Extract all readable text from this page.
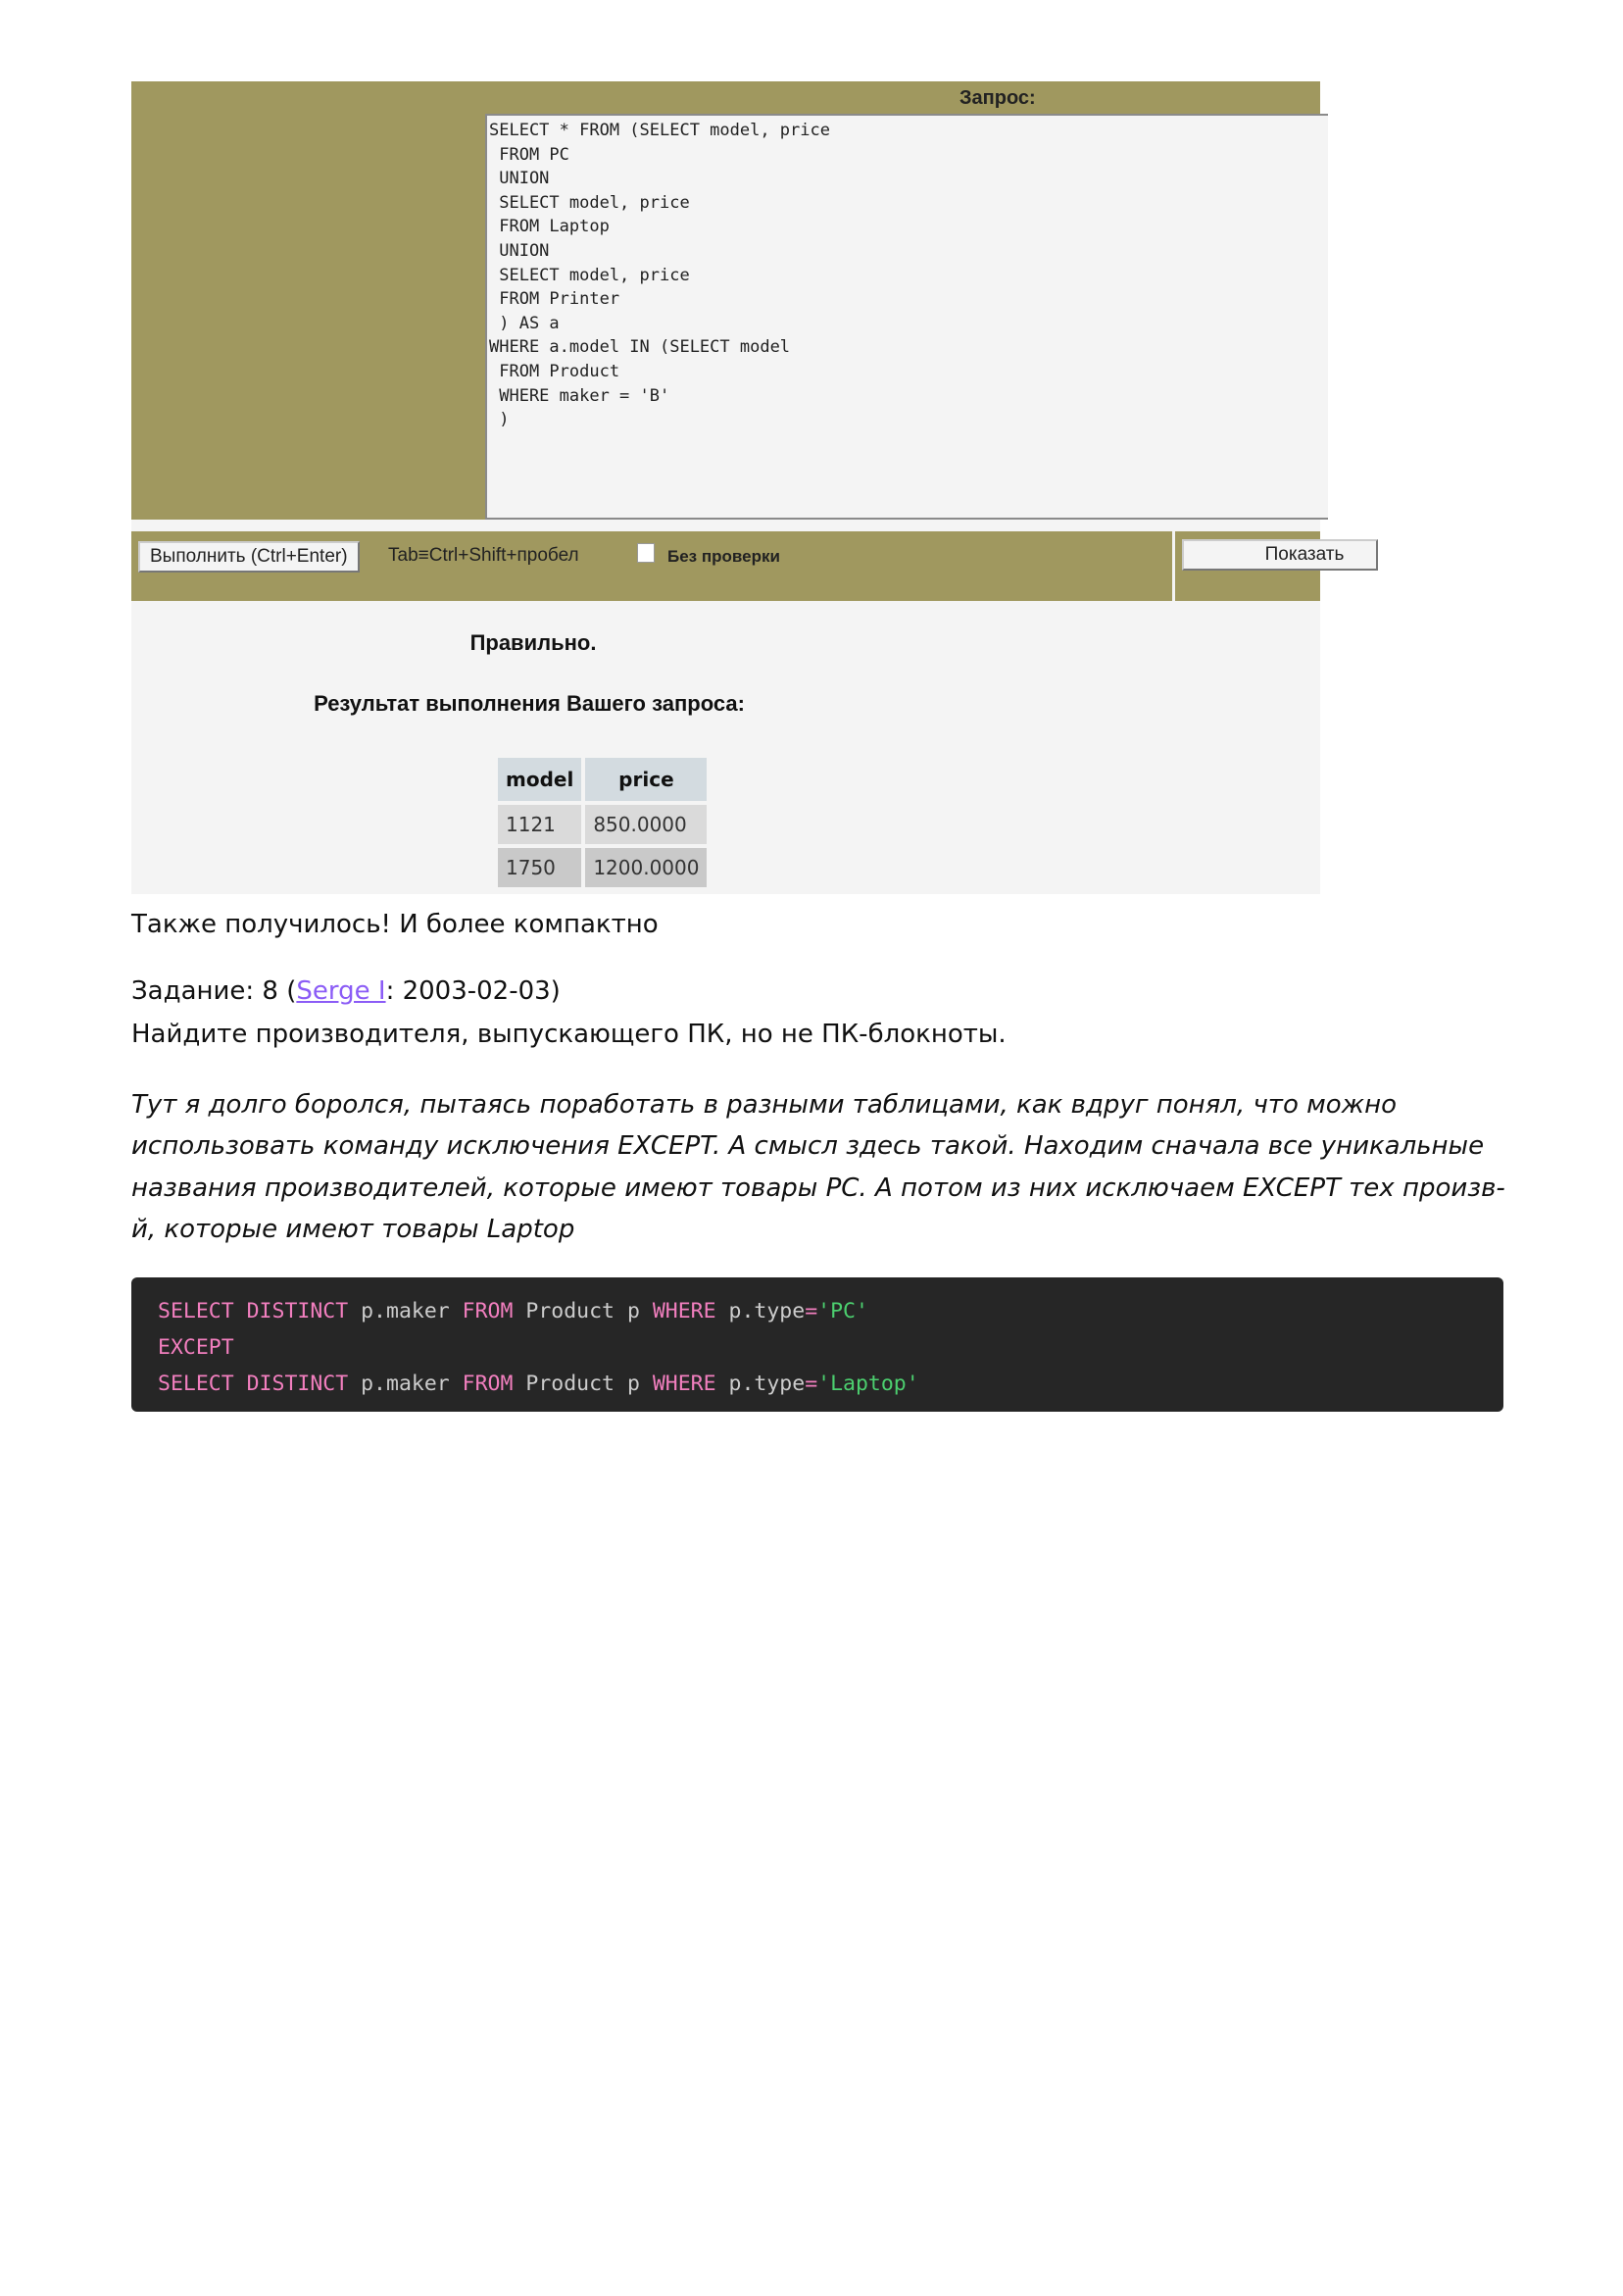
Запрос:
SELECT * FROM (SELECT model, price
FROM PC
UNION
SELECT model, price
FROM Laptop
UNION
SELECT model, price
FROM Printer
) AS a
WHERE a.model IN (SELECT model
FROM Product
WHERE maker = 'B'
)
Выполнить (Ctrl+Enter)	Tab≡Ctrl+Shift+пробел	Без проверки	Показать
Правильно.
Результат выполнения Вашего запроса:
model	price
1121	850.0000
1750	1200.0000
Также получилось! И более компактно
Задание: 8 (Serge I: 2003-02-03)
Найдите производителя, выпускающего ПК, но не ПК-блокноты.
Тут я долго боролся, пытаясь поработать в разными таблицами, как вдруг понял, что можно использовать команду исключения EXCEPT. А смысл здесь такой. Находим сначала все уникальные названия производителей, которые имеют товары PC. А потом из них исключаем EXCEPT тех произв-й, которые имеют товары Laptop
SELECT DISTINCT p.maker FROM Product p WHERE p.type='PC'
EXCEPT
SELECT DISTINCT p.maker FROM Product p WHERE p.type='Laptop'
